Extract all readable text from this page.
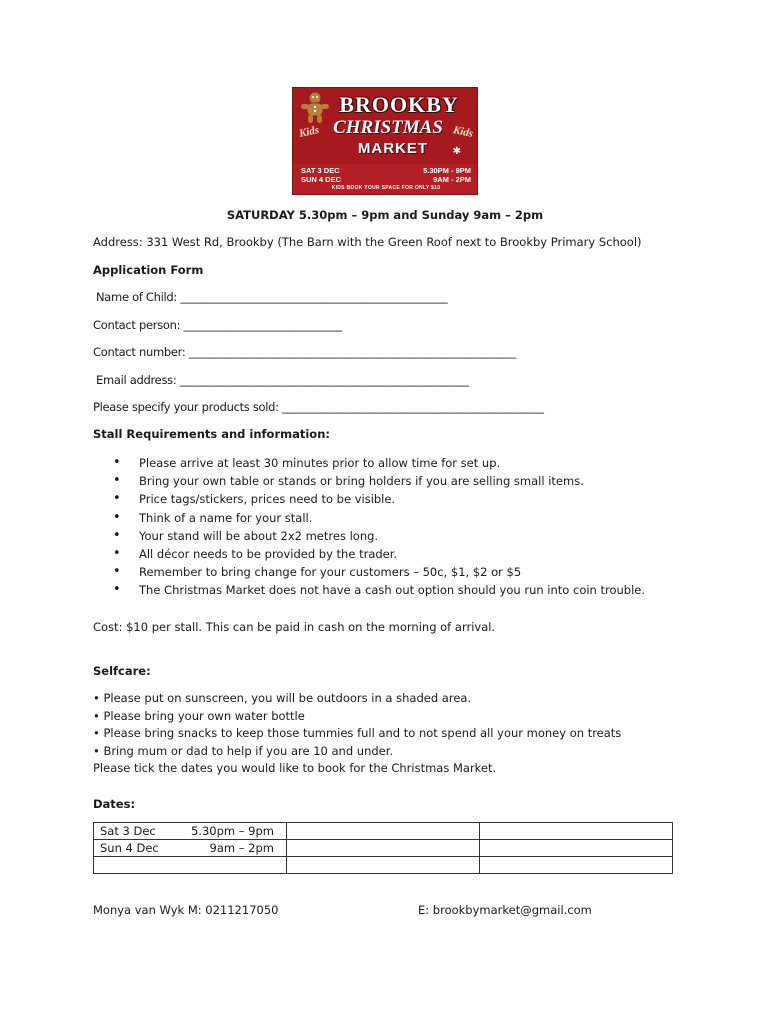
BROOKBY
Kids	Kids
CHRISTMAS
MARKET	✱
SAT 3 DEC	5.30PM - 9PM
SUN 4 DEC	9AM - 2PM
KIDS BOOK YOUR SPACE FOR ONLY $10
SATURDAY 5.30pm – 9pm and Sunday 9am – 2pm
Address: 331 West Rd, Brookby (The Barn with the Green Roof next to Brookby Primary School)
Application Form
Name of Child: _________________________________________________
Contact person: _____________________________
Contact number: ____________________________________________________________
Email address: _____________________________________________________
Please specify your products sold: ________________________________________________
Stall Requirements and information:
• Please arrive at least 30 minutes prior to allow time for set up.
• Bring your own table or stands or bring holders if you are selling small items.
• Price tags/stickers, prices need to be visible.
• Think of a name for your stall.
• Your stand will be about 2x2 metres long.
• All décor needs to be provided by the trader.
• Remember to bring change for your customers – 50c, $1, $2 or $5
• The Christmas Market does not have a cash out option should you run into coin trouble.
Cost: $10 per stall. This can be paid in cash on the morning of arrival.
Selfcare:
• Please put on sunscreen, you will be outdoors in a shaded area.
• Please bring your own water bottle
• Please bring snacks to keep those tummies full and to not spend all your money on treats
• Bring mum or dad to help if you are 10 and under.
Please tick the dates you would like to book for the Christmas Market.
Dates:
Sat 3 Dec 5.30pm – 9pm		

Sun 4 Dec 9am – 2pm		

Monya van Wyk M: 0211217050	E: brookbymarket@gmail.com
